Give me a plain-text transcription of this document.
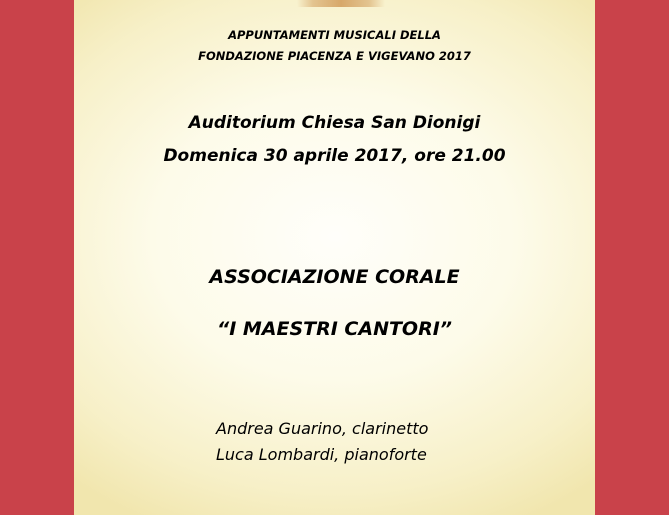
APPUNTAMENTI MUSICALI DELLA
FONDAZIONE PIACENZA E VIGEVANO 2017
Auditorium Chiesa San Dionigi
Domenica 30 aprile 2017, ore 21.00
ASSOCIAZIONE CORALE
“I MAESTRI CANTORI”
Andrea Guarino, clarinetto
Luca Lombardi, pianoforte
